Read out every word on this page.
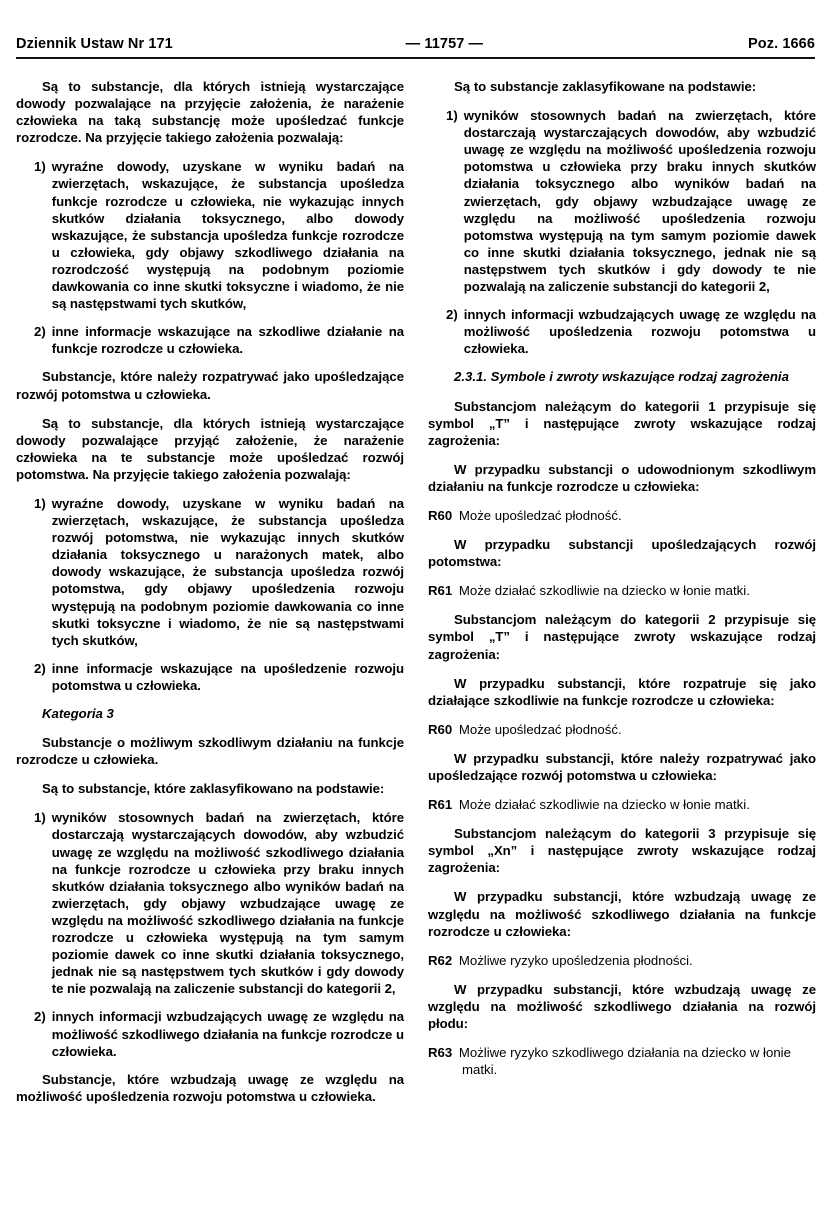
Dziennik Ustaw Nr 171	— 11757 —	Poz. 1666

Są to substancje, dla których istnieją wystarczające dowody pozwalające na przyjęcie założenia, że narażenie człowieka na taką substancję może upośledzać funkcje rozrodcze. Na przyjęcie takiego założenia pozwalają:

1) wyraźne dowody, uzyskane w wyniku badań na zwierzętach, wskazujące, że substancja upośledza funkcje rozrodcze u człowieka, nie wykazując innych skutków działania toksycznego, albo dowody wskazujące, że substancja upośledza funkcje rozrodcze u człowieka, gdy objawy szkodliwego działania na rozrodczość występują na podobnym poziomie dawkowania co inne skutki toksyczne i wiadomo, że nie są następstwami tych skutków,
2) inne informacje wskazujące na szkodliwe działanie na funkcje rozrodcze u człowieka.

Substancje, które należy rozpatrywać jako upośledzające rozwój potomstwa u człowieka.

Są to substancje, dla których istnieją wystarczające dowody pozwalające przyjąć założenie, że narażenie człowieka na te substancje może upośledzać rozwój potomstwa. Na przyjęcie takiego założenia pozwalają:

1) wyraźne dowody, uzyskane w wyniku badań na zwierzętach, wskazujące, że substancja upośledza rozwój potomstwa, nie wykazując innych skutków działania toksycznego u narażonych matek, albo dowody wskazujące, że substancja upośledza rozwój potomstwa, gdy objawy upośledzenia rozwoju występują na podobnym poziomie dawkowania co inne skutki toksyczne i wiadomo, że nie są następstwami tych skutków,
2) inne informacje wskazujące na upośledzenie rozwoju potomstwa u człowieka.

Kategoria 3

Substancje o możliwym szkodliwym działaniu na funkcje rozrodcze u człowieka.

Są to substancje, które zaklasyfikowano na podstawie:

1) wyników stosownych badań na zwierzętach, które dostarczają wystarczających dowodów, aby wzbudzić uwagę ze względu na możliwość szkodliwego działania na funkcje rozrodcze u człowieka przy braku innych skutków działania toksycznego albo wyników badań na zwierzętach, gdy objawy wzbudzające uwagę ze względu na możliwość szkodliwego działania na funkcje rozrodcze u człowieka występują na tym samym poziomie dawek co inne skutki działania toksycznego, jednak nie są następstwem tych skutków i gdy dowody te nie pozwalają na zaliczenie substancji do kategorii 2,
2) innych informacji wzbudzających uwagę ze względu na możliwość szkodliwego działania na funkcje rozrodcze u człowieka.

Substancje, które wzbudzają uwagę ze względu na możliwość upośledzenia rozwoju potomstwa u człowieka.

Są to substancje zaklasyfikowane na podstawie:

1) wyników stosownych badań na zwierzętach, które dostarczają wystarczających dowodów, aby wzbudzić uwagę ze względu na możliwość upośledzenia rozwoju potomstwa u człowieka przy braku innych skutków działania toksycznego albo wyników badań na zwierzętach, gdy objawy wzbudzające uwagę ze względu na możliwość upośledzenia rozwoju potomstwa występują na tym samym poziomie dawek co inne skutki działania toksycznego, jednak nie są następstwem tych skutków i gdy dowody te nie pozwalają na zaliczenie substancji do kategorii 2,
2) innych informacji wzbudzających uwagę ze względu na możliwość upośledzenia rozwoju potomstwa u człowieka.

2.3.1. Symbole i zwroty wskazujące rodzaj zagrożenia

Substancjom należącym do kategorii 1 przypisuje się symbol „T” i następujące zwroty wskazujące rodzaj zagrożenia:

W przypadku substancji o udowodnionym szkodliwym działaniu na funkcje rozrodcze u człowieka:

R60 Może upośledzać płodność.

W przypadku substancji upośledzających rozwój potomstwa:

R61 Może działać szkodliwie na dziecko w łonie matki.

Substancjom należącym do kategorii 2 przypisuje się symbol „T” i następujące zwroty wskazujące rodzaj zagrożenia:

W przypadku substancji, które rozpatruje się jako działające szkodliwie na funkcje rozrodcze u człowieka:

R60 Może upośledzać płodność.

W przypadku substancji, które należy rozpatrywać jako upośledzające rozwój potomstwa u człowieka:

R61 Może działać szkodliwie na dziecko w łonie matki.

Substancjom należącym do kategorii 3 przypisuje się symbol „Xn” i następujące zwroty wskazujące rodzaj zagrożenia:

W przypadku substancji, które wzbudzają uwagę ze względu na możliwość szkodliwego działania na funkcje rozrodcze u człowieka:

R62 Możliwe ryzyko upośledzenia płodności.

W przypadku substancji, które wzbudzają uwagę ze względu na możliwość szkodliwego działania na rozwój płodu:

R63 Możliwe ryzyko szkodliwego działania na dziecko w łonie matki.
